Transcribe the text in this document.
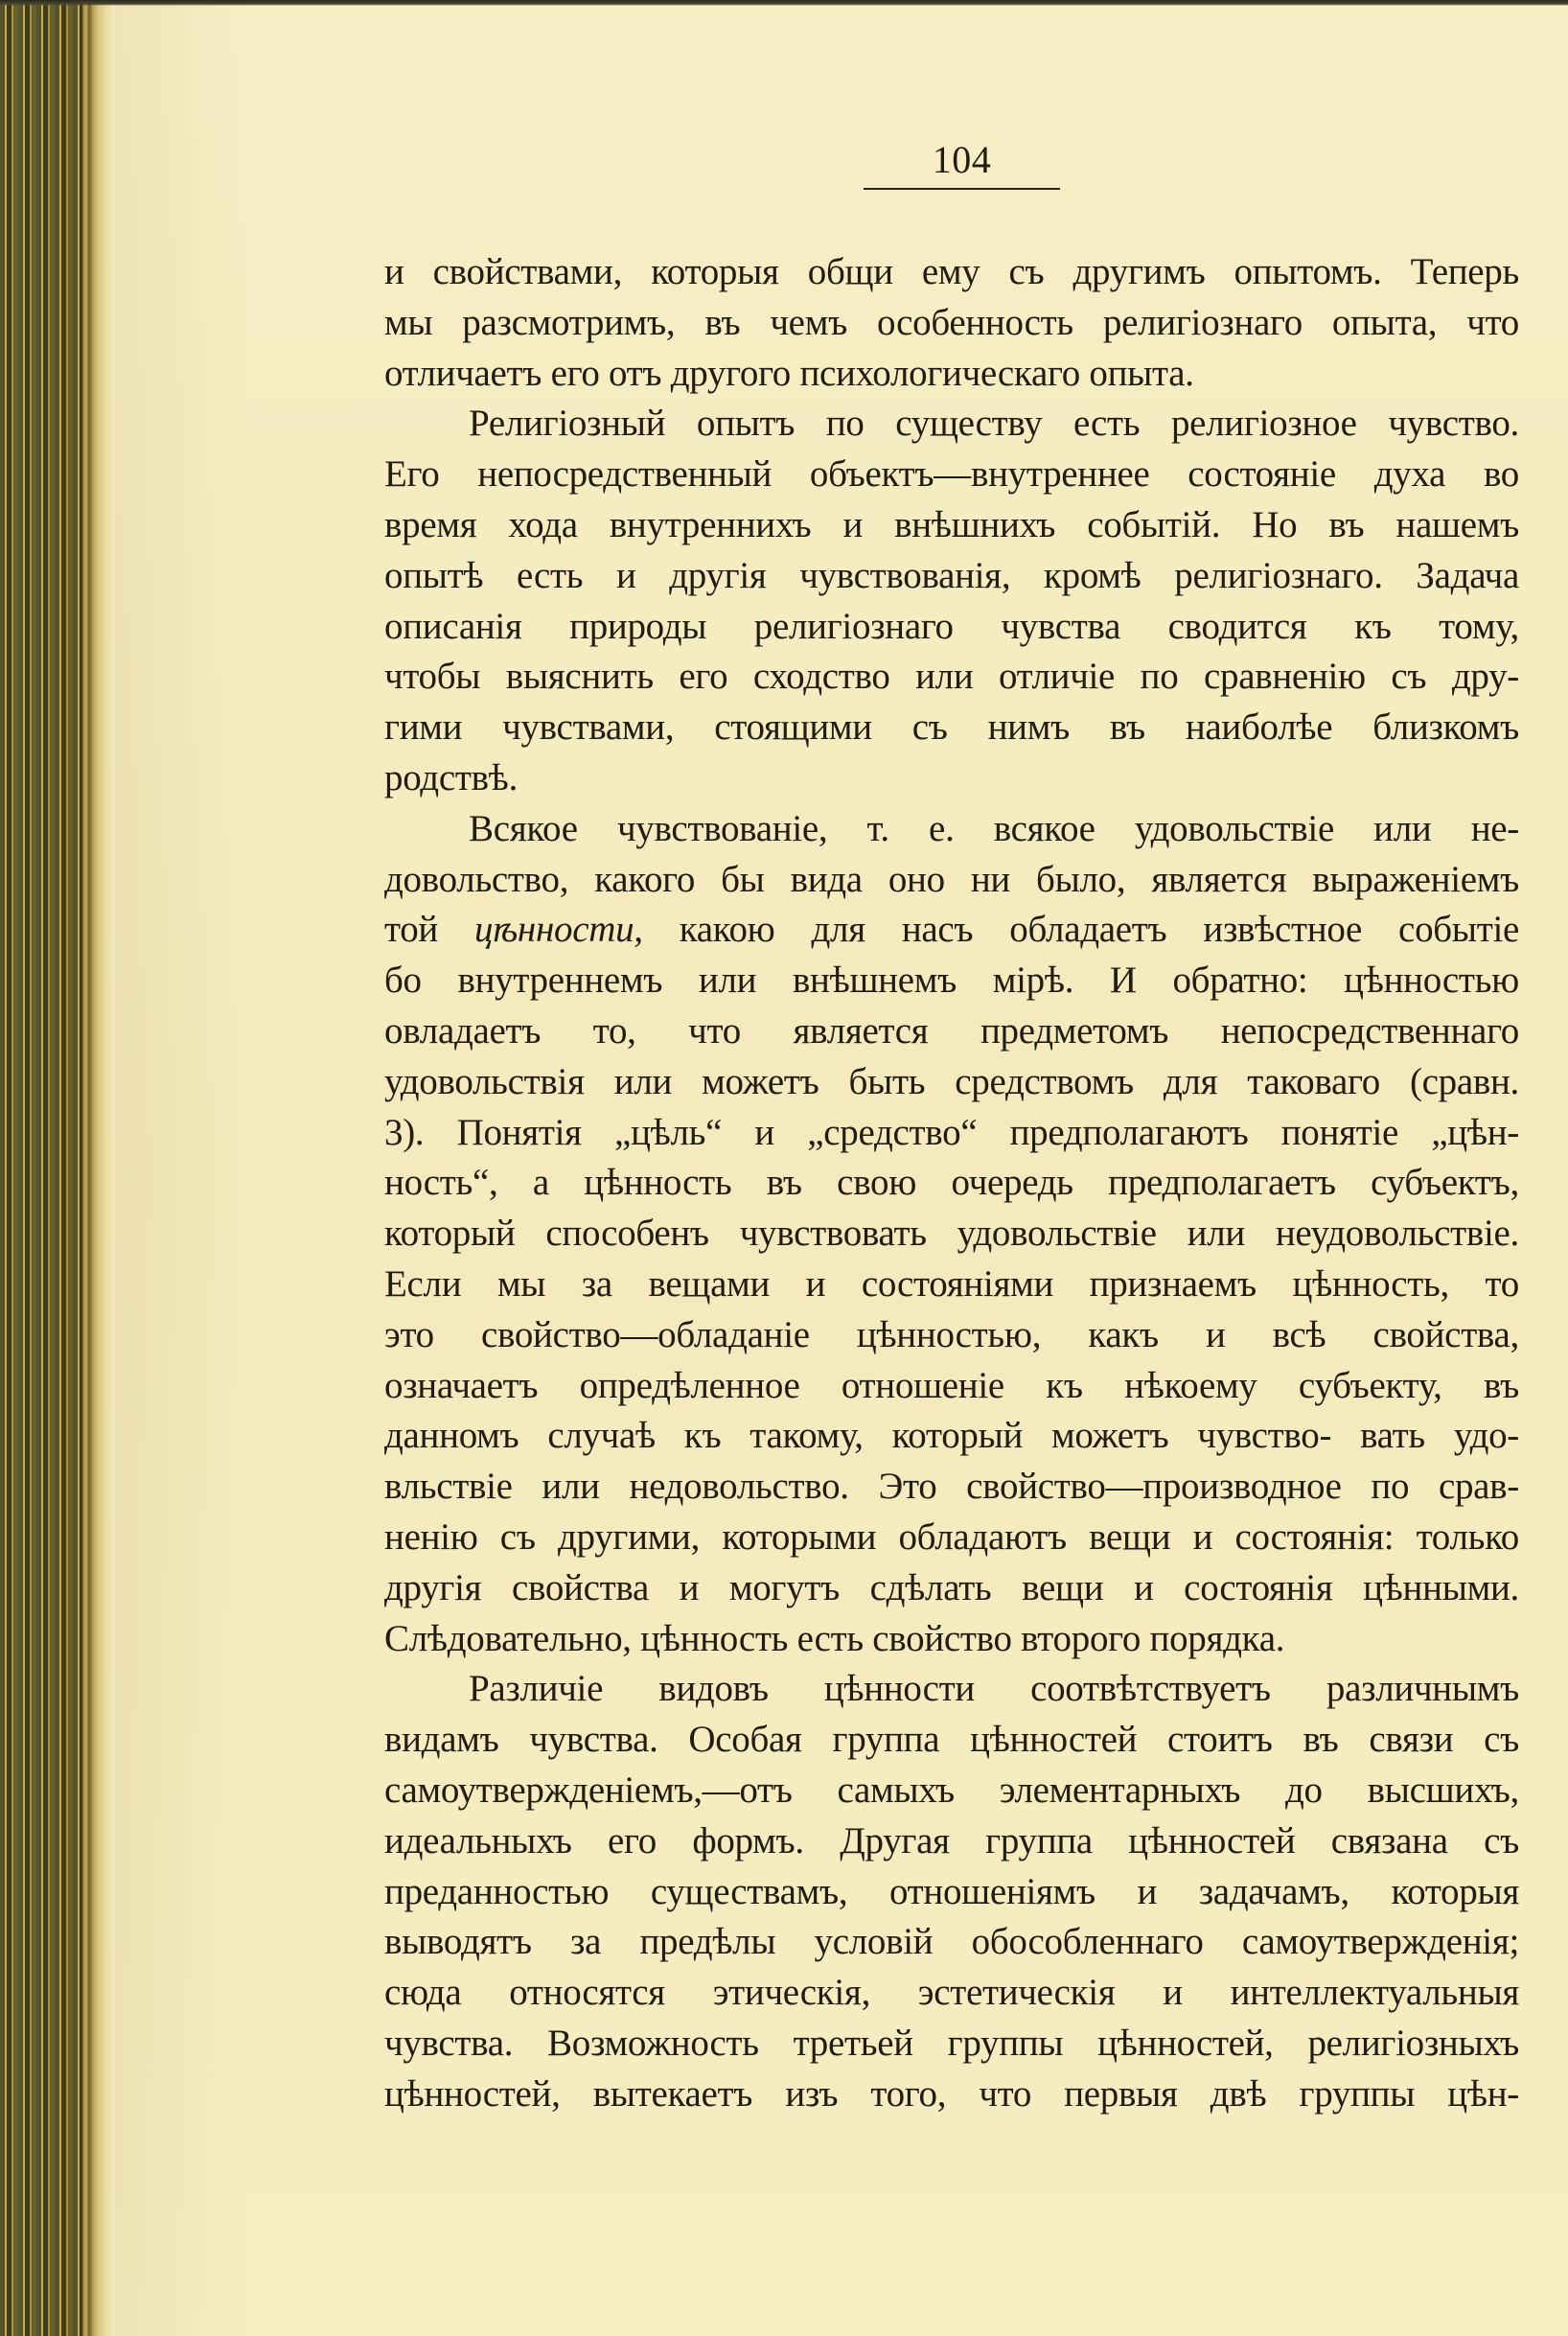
104
и свойствами, которыя общи ему съ другимъ опытомъ. Теперь
мы разсмотримъ, въ чемъ особенность религіознаго опыта, что
отличаетъ его отъ другого психологическаго опыта.
Религіозный опытъ по существу есть религіозное чувство.
Его непосредственный объектъ—внутреннее состояніе духа во
время хода внутреннихъ и внѣшнихъ событій. Но въ нашемъ
опытѣ есть и другія чувствованія, кромѣ религіознаго. Задача
описанія природы религіознаго чувства сводится къ тому,
чтобы выяснить его сходство или отличіе по сравненію съ дру-
гими чувствами, стоящими съ нимъ въ наиболѣе близкомъ
родствѣ.
Всякое чувствованіе, т. е. всякое удовольствіе или не-
довольство, какого бы вида оно ни было, является выраженіемъ
той цѣнности, какою для насъ обладаетъ извѣстное событіе
бо внутреннемъ или внѣшнемъ мірѣ. И обратно: цѣнностью
овладаетъ то, что является предметомъ непосредственнаго
удовольствія или можетъ быть средствомъ для таковаго (сравн.
3). Понятія „цѣль“ и „средство“ предполагаютъ понятіе „цѣн-
ность“, а цѣнность въ свою очередь предполагаетъ субъектъ,
который способенъ чувствовать удовольствіе или неудовольствіе.
Если мы за вещами и состояніями признаемъ цѣнность, то
это свойство—обладаніе цѣнностью, какъ и всѣ свойства,
означаетъ опредѣленное отношеніе къ нѣкоему субъекту, въ
данномъ случаѣ къ такому, который можетъ чувство- вать удо-
вльствіе или недовольство. Это свойство—производное по срав-
ненію съ другими, которыми обладаютъ вещи и состоянія: только
другія свойства и могутъ сдѣлать вещи и состоянія цѣнными.
Слѣдовательно, цѣнность есть свойство второго порядка.
Различіе видовъ цѣнности соотвѣтствуетъ различнымъ
видамъ чувства. Особая группа цѣнностей стоитъ въ связи съ
самоутвержденіемъ,—отъ самыхъ элементарныхъ до высшихъ,
идеальныхъ его формъ. Другая группа цѣнностей связана съ
преданностью существамъ, отношеніямъ и задачамъ, которыя
выводятъ за предѣлы условій обособленнаго самоутвержденія;
сюда относятся этическія, эстетическія и интеллектуальныя
чувства. Возможность третьей группы цѣнностей, религіозныхъ
цѣнностей, вытекаетъ изъ того, что первыя двѣ группы цѣн-
